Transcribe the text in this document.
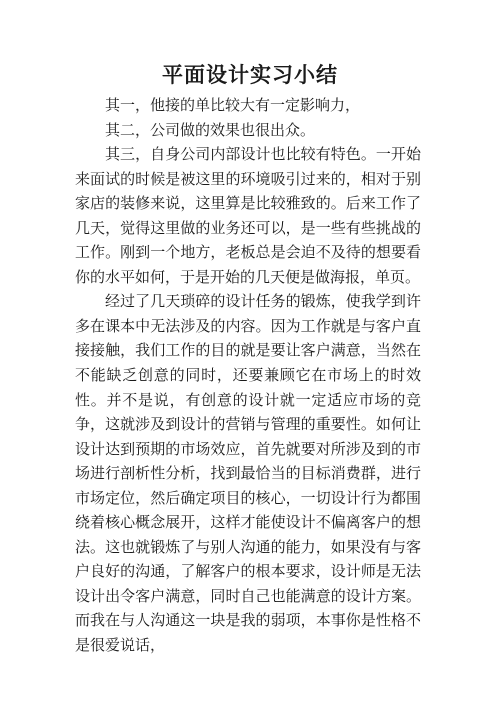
平面设计实习小结

其一，他接的单比较大有一定影响力，

其二，公司做的效果也很出众。

其三，自身公司内部设计也比较有特色。一开始来面试的时候是被这里的环境吸引过来的，相对于别家店的装修来说，这里算是比较雅致的。后来工作了几天，觉得这里做的业务还可以，是一些有些挑战的工作。刚到一个地方，老板总是会迫不及待的想要看你的水平如何，于是开始的几天便是做海报，单页。

经过了几天琐碎的设计任务的锻炼，使我学到许多在课本中无法涉及的内容。因为工作就是与客户直接接触，我们工作的目的就是要让客户满意，当然在不能缺乏创意的同时，还要兼顾它在市场上的时效性。并不是说，有创意的设计就一定适应市场的竞争，这就涉及到设计的营销与管理的重要性。如何让设计达到预期的市场效应，首先就要对所涉及到的市场进行剖析性分析，找到最恰当的目标消费群，进行市场定位，然后确定项目的核心，一切设计行为都围绕着核心概念展开，这样才能使设计不偏离客户的想法。这也就锻炼了与别人沟通的能力，如果没有与客户良好的沟通，了解客户的根本要求，设计师是无法设计出令客户满意，同时自己也能满意的设计方案。而我在与人沟通这一块是我的弱项，本事你是性格不是很爱说话，
